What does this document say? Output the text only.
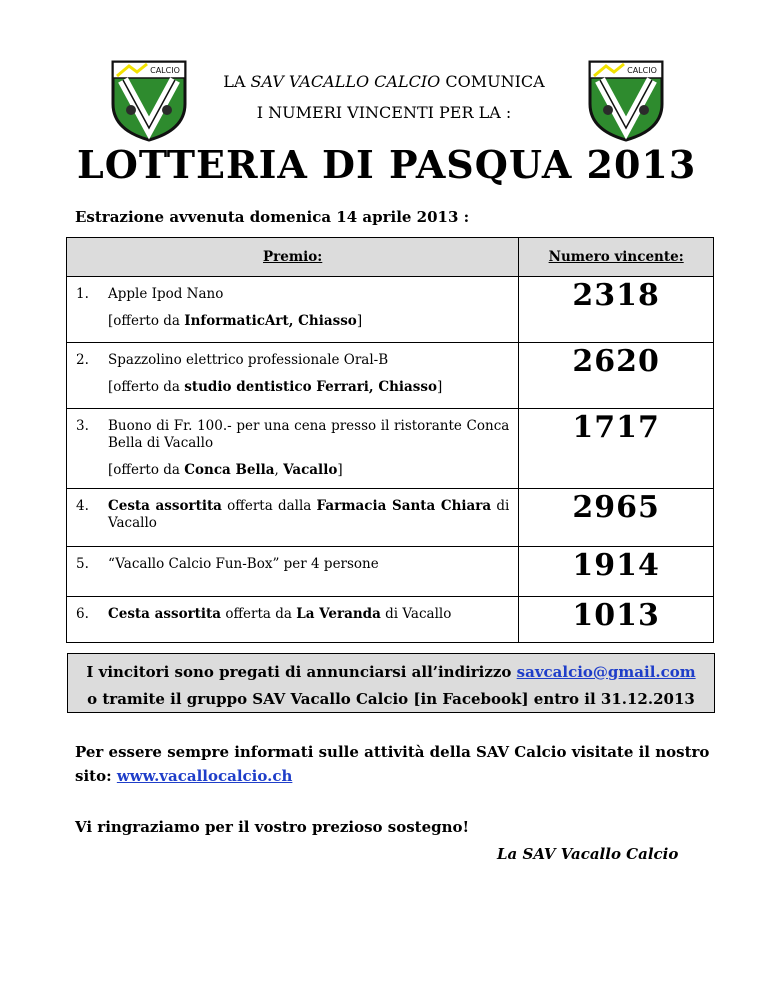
CALCIO	CALCIO
LA SAV VACALLO CALCIO COMUNICA
I NUMERI VINCENTI PER LA :
LOTTERIA DI PASQUA 2013
Estrazione avvenuta domenica 14 aprile 2013 :
Premio:	Numero vincente:

1. Apple Ipod Nano
[offerto da InformaticArt, Chiasso]	2318

2. Spazzolino elettrico professionale Oral-B
[offerto da studio dentistico Ferrari, Chiasso]	2620

3. Buono di Fr. 100.- per una cena presso il ristorante Conca Bella di Vacallo
[offerto da Conca Bella, Vacallo]	1717

4. Cesta assortita offerta dalla Farmacia Santa Chiara di Vacallo	2965

5. “Vacallo Calcio Fun-Box” per 4 persone	1914

6. Cesta assortita offerta da La Veranda di Vacallo	1013
I vincitori sono pregati di annunciarsi all’indirizzo savcalcio@gmail.com
o tramite il gruppo SAV Vacallo Calcio [in Facebook] entro il 31.12.2013
Per essere sempre informati sulle attività della SAV Calcio visitate il nostro sito: www.vacallocalcio.ch
Vi ringraziamo per il vostro prezioso sostegno!
La SAV Vacallo Calcio
